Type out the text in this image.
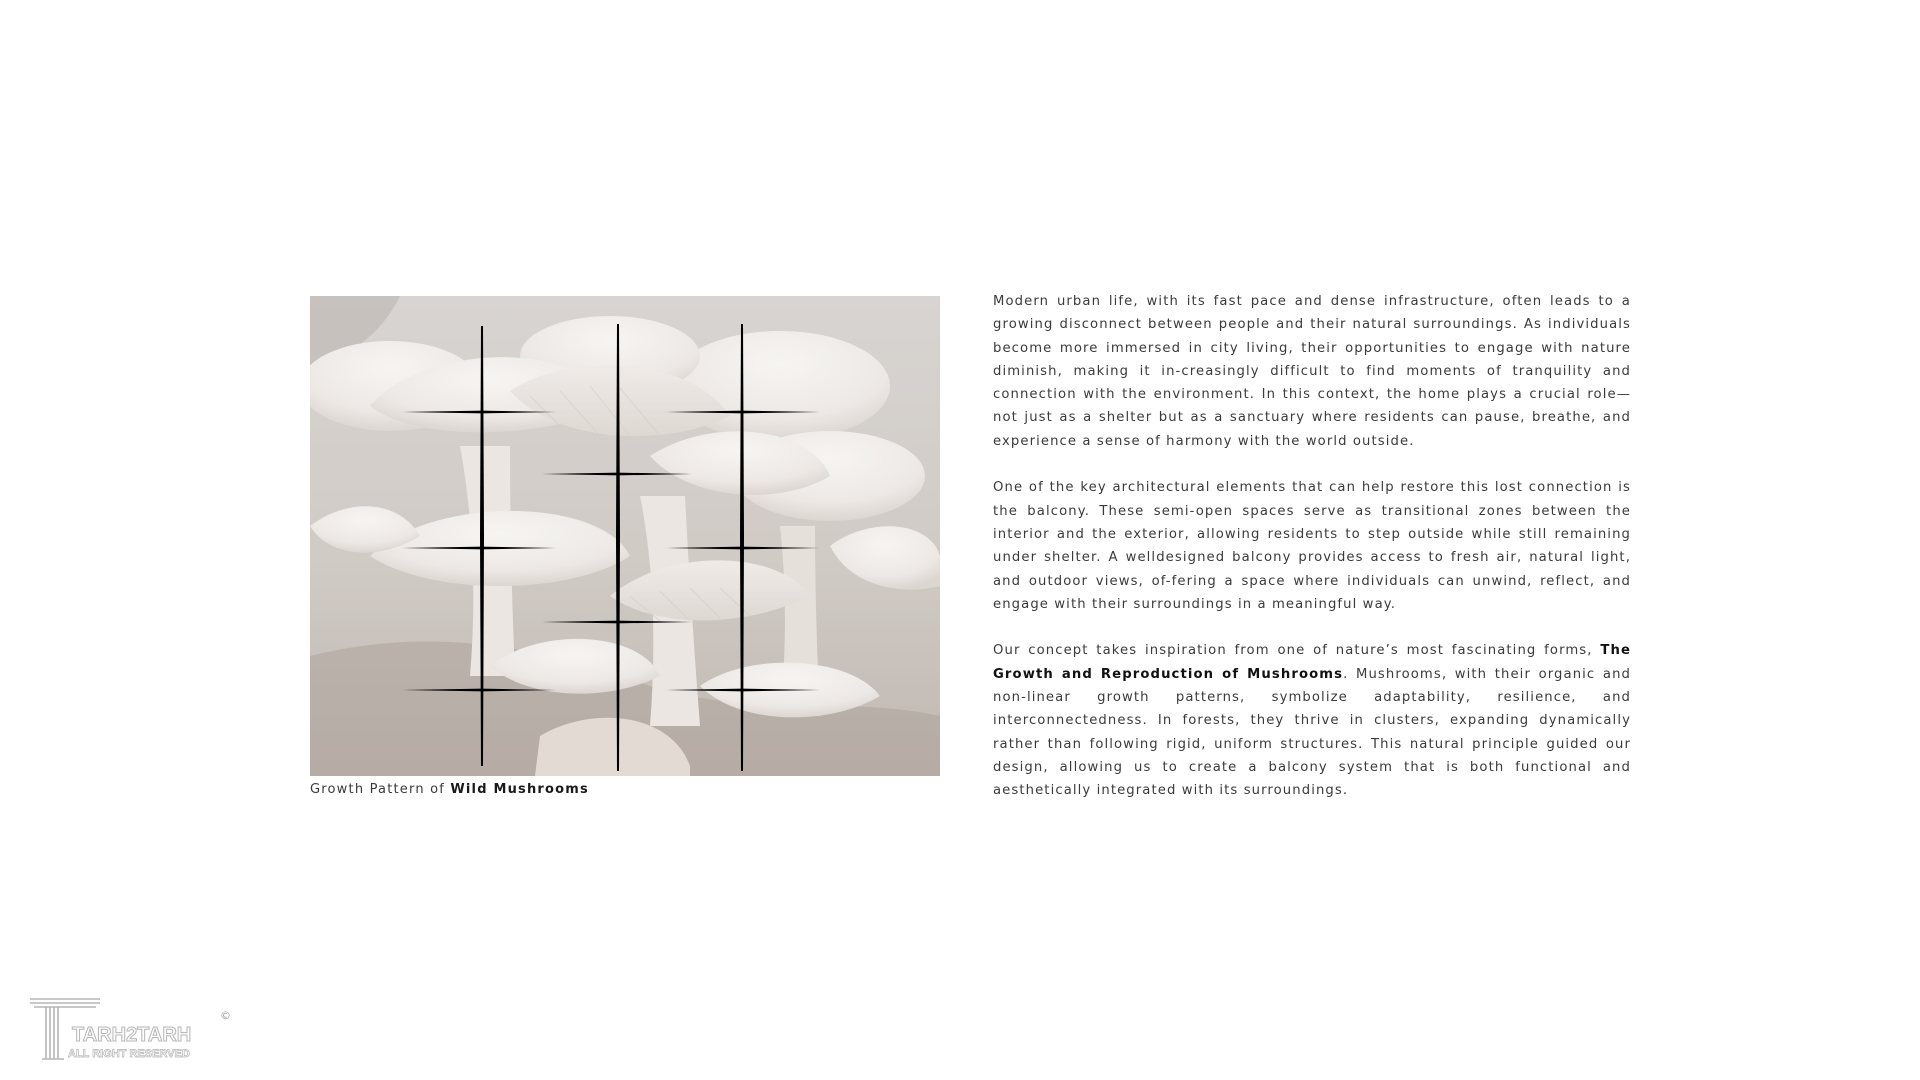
Growth Pattern of Wild Mushrooms

Modern urban life, with its fast pace and dense infrastructure, often leads to a growing disconnect between people and their natural surroundings. As individuals become more immersed in city living, their opportunities to engage with nature diminish, making it in-creasingly difficult to find moments of tranquility and connection with the environment. In this context, the home plays a crucial role—not just as a shelter but as a sanctuary where residents can pause, breathe, and experience a sense of harmony with the world outside.

One of the key architectural elements that can help restore this lost connection is the balcony. These semi-open spaces serve as transitional zones between the interior and the exterior, allowing residents to step outside while still remaining under shelter. A welldesigned balcony provides access to fresh air, natural light, and outdoor views, of-fering a space where individuals can unwind, reflect, and engage with their surroundings in a meaningful way.

Our concept takes inspiration from one of nature’s most fascinating forms, The Growth and Reproduction of Mushrooms. Mushrooms, with their organic and non-linear growth patterns, symbolize adaptability, resilience, and interconnectedness. In forests, they thrive in clusters, expanding dynamically rather than following rigid, uniform structures. This natural principle guided our design, allowing us to create a balcony system that is both functional and aesthetically integrated with its surroundings.

TARH2TARH
ALL RIGHT RESERVED
©
